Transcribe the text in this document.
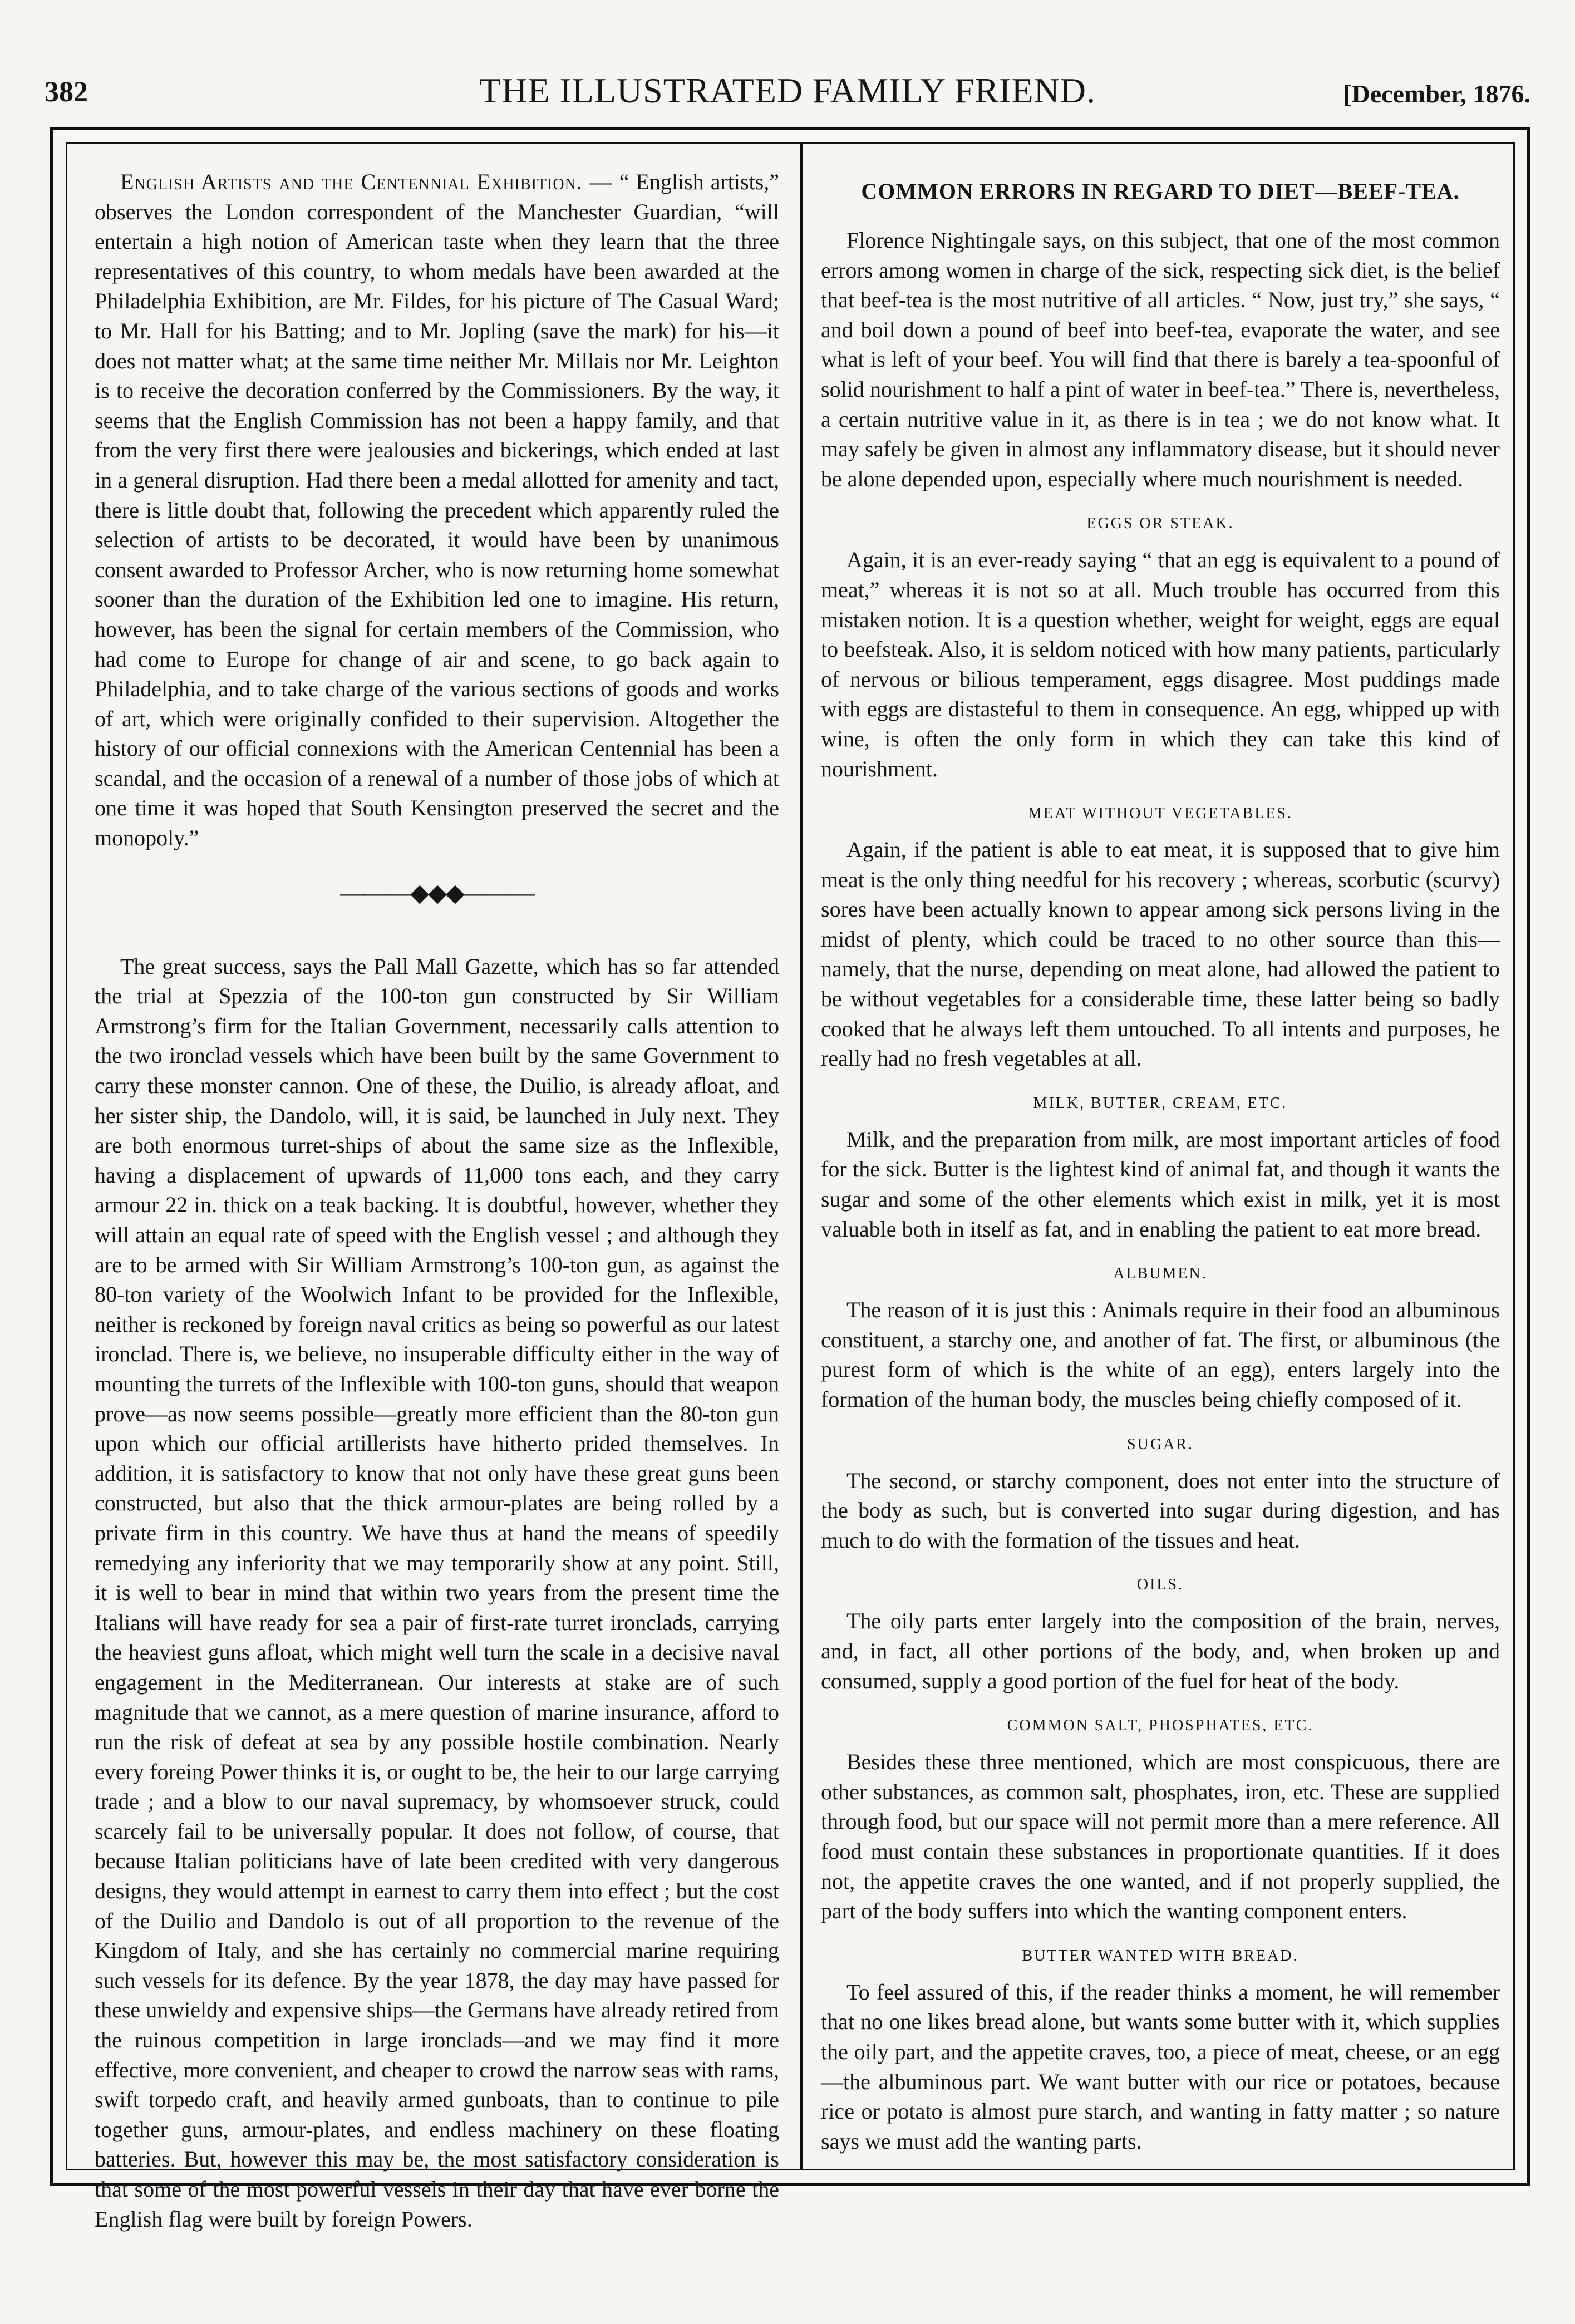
382	THE ILLUSTRATED FAMILY FRIEND.	[December, 1876.

English Artists and the Centennial Exhibition. — “ English artists,” observes the London correspondent of the Manchester Guardian, “will entertain a high notion of American taste when they learn that the three representatives of this country, to whom medals have been awarded at the Philadelphia Exhibition, are Mr. Fildes, for his picture of The Casual Ward; to Mr. Hall for his Batting; and to Mr. Jopling (save the mark) for his—it does not matter what; at the same time neither Mr. Millais nor Mr. Leighton is to receive the decoration conferred by the Commissioners. By the way, it seems that the English Commission has not been a happy family, and that from the very first there were jealousies and bickerings, which ended at last in a general disruption. Had there been a medal allotted for amenity and tact, there is little doubt that, following the precedent which apparently ruled the selection of artists to be decorated, it would have been by unanimous consent awarded to Professor Archer, who is now returning home somewhat sooner than the duration of the Exhibition led one to imagine. His return, however, has been the signal for certain members of the Commission, who had come to Europe for change of air and scene, to go back again to Philadelphia, and to take charge of the various sections of goods and works of art, which were originally confided to their supervision. Altogether the history of our official connexions with the American Centennial has been a scandal, and the occasion of a renewal of a number of those jobs of which at one time it was hoped that South Kensington preserved the secret and the monopoly.”

———◆◆◆———

The great success, says the Pall Mall Gazette, which has so far attended the trial at Spezzia of the 100-ton gun constructed by Sir William Armstrong’s firm for the Italian Government, necessarily calls attention to the two ironclad vessels which have been built by the same Government to carry these monster cannon. One of these, the Duilio, is already afloat, and her sister ship, the Dandolo, will, it is said, be launched in July next. They are both enormous turret-ships of about the same size as the Inflexible, having a displacement of upwards of 11,000 tons each, and they carry armour 22 in. thick on a teak backing. It is doubtful, however, whether they will attain an equal rate of speed with the English vessel ; and although they are to be armed with Sir William Armstrong’s 100-ton gun, as against the 80-ton variety of the Woolwich Infant to be provided for the Inflexible, neither is reckoned by foreign naval critics as being so powerful as our latest ironclad. There is, we believe, no insuperable difficulty either in the way of mounting the turrets of the Inflexible with 100-ton guns, should that weapon prove—as now seems possible—greatly more efficient than the 80-ton gun upon which our official artillerists have hitherto prided themselves. In addition, it is satisfactory to know that not only have these great guns been constructed, but also that the thick armour-plates are being rolled by a private firm in this country. We have thus at hand the means of speedily remedying any inferiority that we may temporarily show at any point. Still, it is well to bear in mind that within two years from the present time the Italians will have ready for sea a pair of first-rate turret ironclads, carrying the heaviest guns afloat, which might well turn the scale in a decisive naval engagement in the Mediterranean. Our interests at stake are of such magnitude that we cannot, as a mere question of marine insurance, afford to run the risk of defeat at sea by any possible hostile combination. Nearly every foreing Power thinks it is, or ought to be, the heir to our large carrying trade ; and a blow to our naval supremacy, by whomsoever struck, could scarcely fail to be universally popular. It does not follow, of course, that because Italian politicians have of late been credited with very dangerous designs, they would attempt in earnest to carry them into effect ; but the cost of the Duilio and Dandolo is out of all proportion to the revenue of the Kingdom of Italy, and she has certainly no commercial marine requiring such vessels for its defence. By the year 1878, the day may have passed for these unwieldy and expensive ships—the Germans have already retired from the ruinous competition in large ironclads—and we may find it more effective, more convenient, and cheaper to crowd the narrow seas with rams, swift torpedo craft, and heavily armed gunboats, than to continue to pile together guns, armour-plates, and endless machinery on these floating batteries. But, however this may be, the most satisfactory consideration is that some of the most powerful vessels in their day that have ever borne the English flag were built by foreign Powers.

COMMON ERRORS IN REGARD TO DIET—BEEF-TEA.

Florence Nightingale says, on this subject, that one of the most common errors among women in charge of the sick, respecting sick diet, is the belief that beef-tea is the most nutritive of all articles. “ Now, just try,” she says, “ and boil down a pound of beef into beef-tea, evaporate the water, and see what is left of your beef. You will find that there is barely a tea-spoonful of solid nourishment to half a pint of water in beef-tea.” There is, nevertheless, a certain nutritive value in it, as there is in tea ; we do not know what. It may safely be given in almost any inflammatory disease, but it should never be alone depended upon, especially where much nourishment is needed.

EGGS OR STEAK.

Again, it is an ever-ready saying “ that an egg is equivalent to a pound of meat,” whereas it is not so at all. Much trouble has occurred from this mistaken notion. It is a question whether, weight for weight, eggs are equal to beefsteak. Also, it is seldom noticed with how many patients, particularly of nervous or bilious temperament, eggs disagree. Most puddings made with eggs are distasteful to them in consequence. An egg, whipped up with wine, is often the only form in which they can take this kind of nourishment.

MEAT WITHOUT VEGETABLES.

Again, if the patient is able to eat meat, it is supposed that to give him meat is the only thing needful for his recovery ; whereas, scorbutic (scurvy) sores have been actually known to appear among sick persons living in the midst of plenty, which could be traced to no other source than this—namely, that the nurse, depending on meat alone, had allowed the patient to be without vegetables for a considerable time, these latter being so badly cooked that he always left them untouched. To all intents and purposes, he really had no fresh vegetables at all.

MILK, BUTTER, CREAM, ETC.

Milk, and the preparation from milk, are most important articles of food for the sick. Butter is the lightest kind of animal fat, and though it wants the sugar and some of the other elements which exist in milk, yet it is most valuable both in itself as fat, and in enabling the patient to eat more bread.

ALBUMEN.

The reason of it is just this : Animals require in their food an albuminous constituent, a starchy one, and another of fat. The first, or albuminous (the purest form of which is the white of an egg), enters largely into the formation of the human body, the muscles being chiefly composed of it.

SUGAR.

The second, or starchy component, does not enter into the structure of the body as such, but is converted into sugar during digestion, and has much to do with the formation of the tissues and heat.

OILS.

The oily parts enter largely into the composition of the brain, nerves, and, in fact, all other portions of the body, and, when broken up and consumed, supply a good portion of the fuel for heat of the body.

COMMON SALT, PHOSPHATES, ETC.

Besides these three mentioned, which are most conspicuous, there are other substances, as common salt, phosphates, iron, etc. These are supplied through food, but our space will not permit more than a mere reference. All food must contain these substances in proportionate quantities. If it does not, the appetite craves the one wanted, and if not properly supplied, the part of the body suffers into which the wanting component enters.

BUTTER WANTED WITH BREAD.

To feel assured of this, if the reader thinks a moment, he will remember that no one likes bread alone, but wants some butter with it, which supplies the oily part, and the appetite craves, too, a piece of meat, cheese, or an egg—the albuminous part. We want butter with our rice or potatoes, because rice or potato is almost pure starch, and wanting in fatty matter ; so nature says we must add the wanting parts.
